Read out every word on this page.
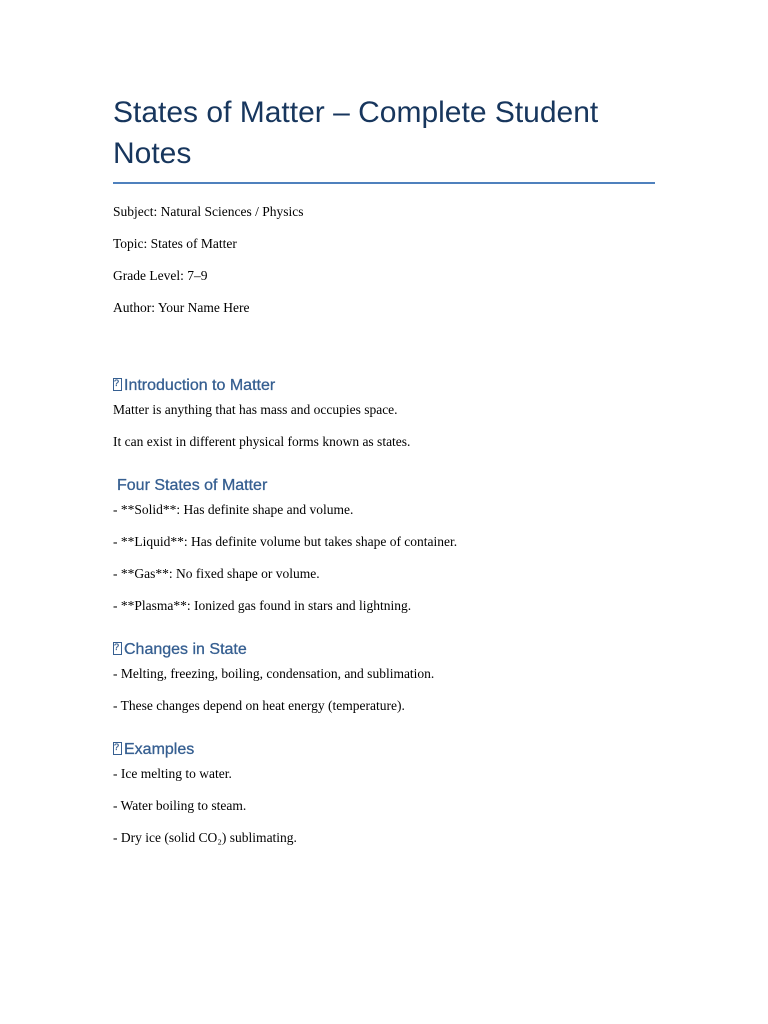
States of Matter – Complete Student Notes

Subject: Natural Sciences / Physics

Topic: States of Matter

Grade Level: 7–9

Author: Your Name Here

?Introduction to Matter

Matter is anything that has mass and occupies space.

It can exist in different physical forms known as states.

Four States of Matter

- **Solid**: Has definite shape and volume.

- **Liquid**: Has definite volume but takes shape of container.

- **Gas**: No fixed shape or volume.

- **Plasma**: Ionized gas found in stars and lightning.

?Changes in State

- Melting, freezing, boiling, condensation, and sublimation.

- These changes depend on heat energy (temperature).

?Examples

- Ice melting to water.

- Water boiling to steam.

- Dry ice (solid CO₂) sublimating.
